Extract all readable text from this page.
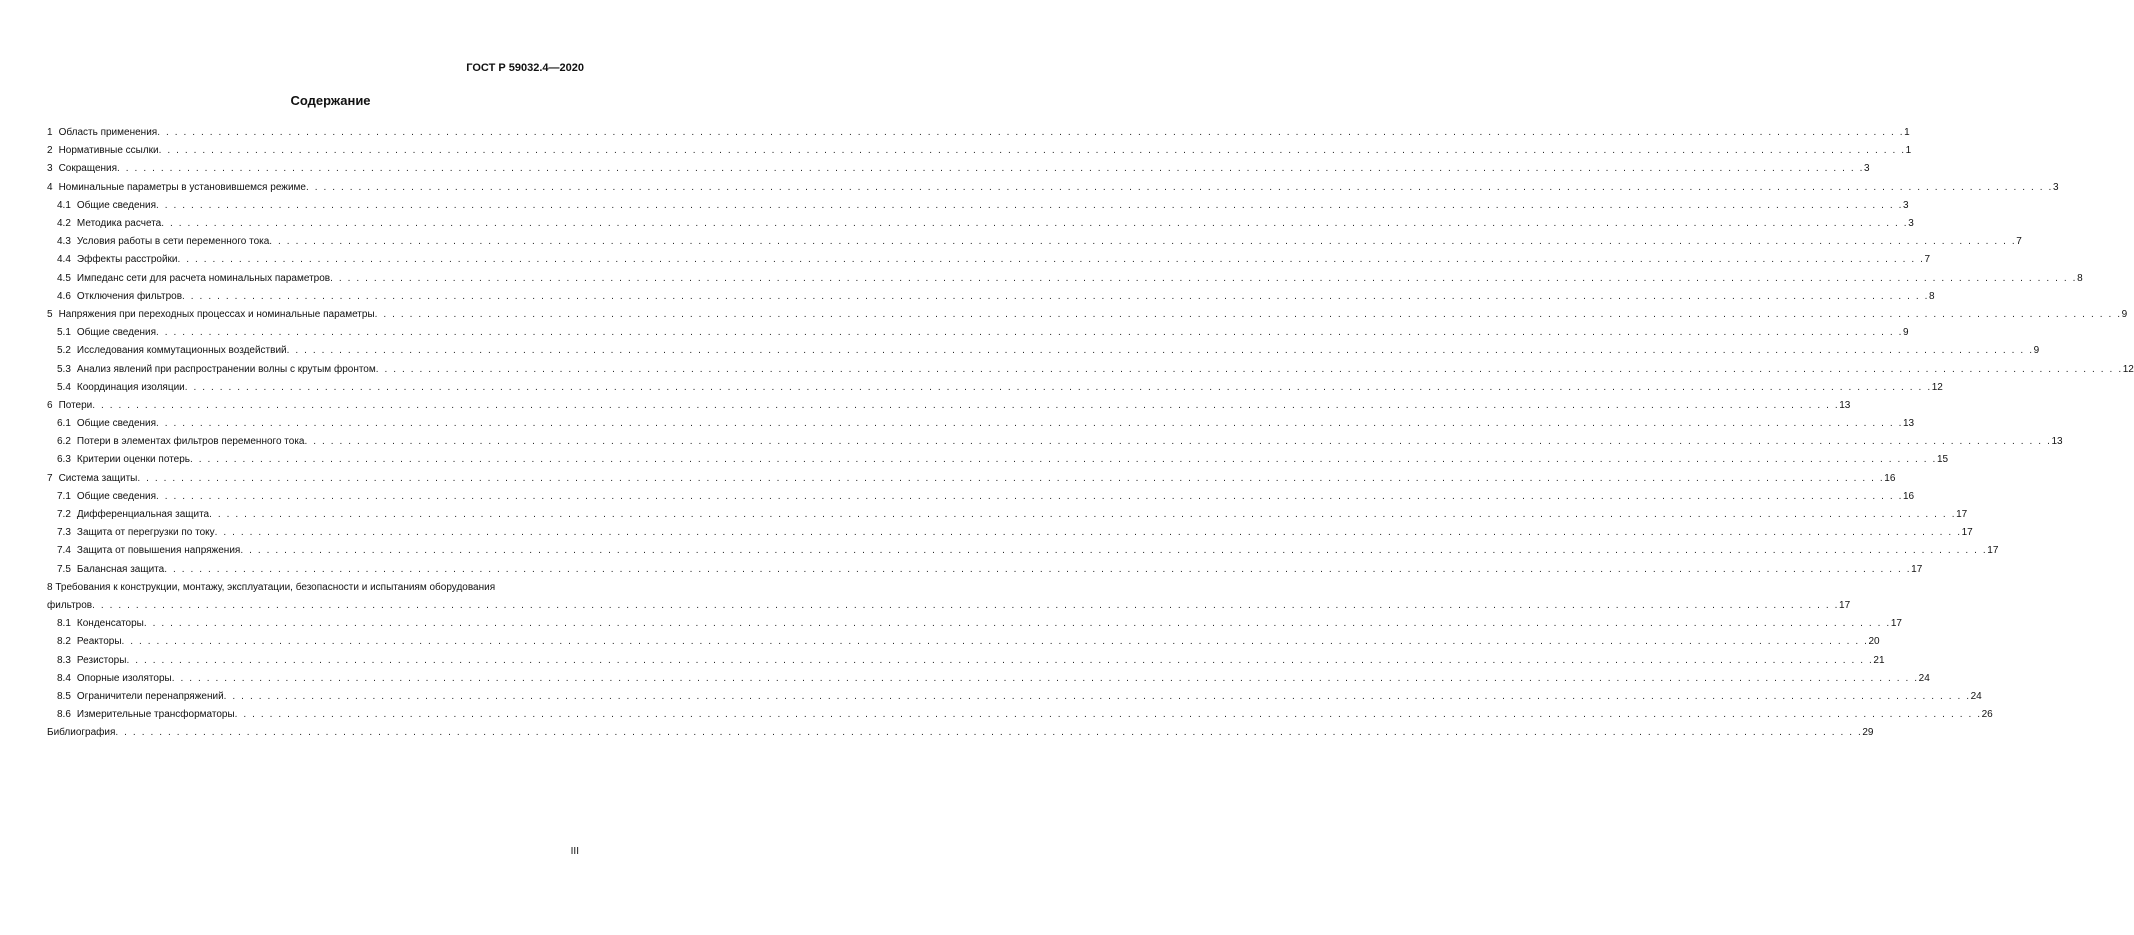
ГОСТ Р 59032.4—2020
Содержание
1 Область применения . . . . . . . . . . . . . . . . . . . . . . . . . . . . . . . . . . . . . . . . . . . . . . . . . . . . . . . . . . . . . . . . . . . . . . . . . . . . . . . . . . . . . . . . . . . . . . . . . . . . . . . . . . . . . . . . . . . . . . . . . . . . . . . . . . . . . . . . . . . . . . . . . . . . . . . . . . . . . . . . . . . . . . . . . . . . . . . . . . . . . . . . . . . . . . . . . . . . . . . . 1
2 Нормативные ссылки . . . . . . . . . . . . . . . . . . . . . . . . . . . . . . . . . . . . . . . . . . . . . . . . . . . . . . . . . . . . . . . . . . . . . . . . . . . . . . . . . . . . . . . . . . . . . . . . . . . . . . . . . . . . . . . . . . . . . . . . . . . . . . . . . . . . . . . . . . . . . . . . . . . . . . . . . . . . . . . . . . . . . . . . . . . . . . . . . . . . . . . . . . . . . . . . . . . . . . . . 1
3 Сокращения . . . . . . . . . . . . . . . . . . . . . . . . . . . . . . . . . . . . . . . . . . . . . . . . . . . . . . . . . . . . . . . . . . . . . . . . . . . . . . . . . . . . . . . . . . . . . . . . . . . . . . . . . . . . . . . . . . . . . . . . . . . . . . . . . . . . . . . . . . . . . . . . . . . . . . . . . . . . . . . . . . . . . . . . . . . . . . . . . . . . . . . . . . . . . . . . . . . . . . . . 3
4 Номинальные параметры в установившемся режиме . . . . . . . . . . . . . . . . . . . . . . . . . . . . . . . . . . . . . . . . . . . . . . . . . . . . . . . . . . . . . . . . . . . . . . . . . . . . . . . . . . . . . . . . . . . . . . . . . . . . . . . . . . . . . . . . . . . . . . . . . . . . . . . . . . . . . . . . . . . . . . . . . . . . . . . . . . . . . . . . . . . . . . . . . . . . . . . . . . . . . . . . . . . . . . . . . . . . . . . . 3
4.1 Общие сведения . . . . . . . . . . . . . . . . . . . . . . . . . . . . . . . . . . . . . . . . . . . . . . . . . . . . . . . . . . . . . . . . . . . . . . . . . . . . . . . . . . . . . . . . . . . . . . . . . . . . . . . . . . . . . . . . . . . . . . . . . . . . . . . . . . . . . . . . . . . . . . . . . . . . . . . . . . . . . . . . . . . . . . . . . . . . . . . . . . . . . . . . . . . . . . . . . . . . . . . . 3
4.2 Методика расчета . . . . . . . . . . . . . . . . . . . . . . . . . . . . . . . . . . . . . . . . . . . . . . . . . . . . . . . . . . . . . . . . . . . . . . . . . . . . . . . . . . . . . . . . . . . . . . . . . . . . . . . . . . . . . . . . . . . . . . . . . . . . . . . . . . . . . . . . . . . . . . . . . . . . . . . . . . . . . . . . . . . . . . . . . . . . . . . . . . . . . . . . . . . . . . . . . . . . . . . . 3
4.3 Условия работы в сети переменного тока . . . . . . . . . . . . . . . . . . . . . . . . . . . . . . . . . . . . . . . . . . . . . . . . . . . . . . . . . . . . . . . . . . . . . . . . . . . . . . . . . . . . . . . . . . . . . . . . . . . . . . . . . . . . . . . . . . . . . . . . . . . . . . . . . . . . . . . . . . . . . . . . . . . . . . . . . . . . . . . . . . . . . . . . . . . . . . . . . . . . . . . . . . . . . . . . . . . . . . . . 7
4.4 Эффекты расстройки . . . . . . . . . . . . . . . . . . . . . . . . . . . . . . . . . . . . . . . . . . . . . . . . . . . . . . . . . . . . . . . . . . . . . . . . . . . . . . . . . . . . . . . . . . . . . . . . . . . . . . . . . . . . . . . . . . . . . . . . . . . . . . . . . . . . . . . . . . . . . . . . . . . . . . . . . . . . . . . . . . . . . . . . . . . . . . . . . . . . . . . . . . . . . . . . . . . . . . . . 7
4.5 Импеданс сети для расчета номинальных параметров . . . . . . . . . . . . . . . . . . . . . . . . . . . . . . . . . . . . . . . . . . . . . . . . . . . . . . . . . . . . . . . . . . . . . . . . . . . . . . . . . . . . . . . . . . . . . . . . . . . . . . . . . . . . . . . . . . . . . . . . . . . . . . . . . . . . . . . . . . . . . . . . . . . . . . . . . . . . . . . . . . . . . . . . . . . . . . . . . . . . . . . . . . . . . . . . . . . . . . . . 8
4.6 Отключения фильтров . . . . . . . . . . . . . . . . . . . . . . . . . . . . . . . . . . . . . . . . . . . . . . . . . . . . . . . . . . . . . . . . . . . . . . . . . . . . . . . . . . . . . . . . . . . . . . . . . . . . . . . . . . . . . . . . . . . . . . . . . . . . . . . . . . . . . . . . . . . . . . . . . . . . . . . . . . . . . . . . . . . . . . . . . . . . . . . . . . . . . . . . . . . . . . . . . . . . . . . . 8
5 Напряжения при переходных процессах и номинальные параметры . . . . . . . . . . . . . . . . . . . . . . . . . . . . . . . . . . . . . . . . . . . . . . . . . . . . . . . . . . . . . . . . . . . . . . . . . . . . . . . . . . . . . . . . . . . . . . . . . . . . . . . . . . . . . . . . . . . . . . . . . . . . . . . . . . . . . . . . . . . . . . . . . . . . . . . . . . . . . . . . . . . . . . . . . . . . . . . . . . . . . . . . . . . . . . . . . . . . . . . . 9
5.1 Общие сведения . . . . . . . . . . . . . . . . . . . . . . . . . . . . . . . . . . . . . . . . . . . . . . . . . . . . . . . . . . . . . . . . . . . . . . . . . . . . . . . . . . . . . . . . . . . . . . . . . . . . . . . . . . . . . . . . . . . . . . . . . . . . . . . . . . . . . . . . . . . . . . . . . . . . . . . . . . . . . . . . . . . . . . . . . . . . . . . . . . . . . . . . . . . . . . . . . . . . . . . . 9
5.2 Исследования коммутационных воздействий . . . . . . . . . . . . . . . . . . . . . . . . . . . . . . . . . . . . . . . . . . . . . . . . . . . . . . . . . . . . . . . . . . . . . . . . . . . . . . . . . . . . . . . . . . . . . . . . . . . . . . . . . . . . . . . . . . . . . . . . . . . . . . . . . . . . . . . . . . . . . . . . . . . . . . . . . . . . . . . . . . . . . . . . . . . . . . . . . . . . . . . . . . . . . . . . . . . . . . . . 9
5.3 Анализ явлений при распространении волны с крутым фронтом . . . . . . . . . . . . . . . . . . . . . . . . . . . . . . . . . . . . . . . . . . . . . . . . . . . . . . . . . . . . . . . . . . . . . . . . . . . . . . . . . . . . . . . . . . . . . . . . . . . . . . . . . . . . . . . . . . . . . . . . . . . . . . . . . . . . . . . . . . . . . . . . . . . . . . . . . . . . . . . . . . . . . . . . . . . . . . . . . . . . . . . . . . . . . . . . . . . . . . . . 12
5.4 Координация изоляции . . . . . . . . . . . . . . . . . . . . . . . . . . . . . . . . . . . . . . . . . . . . . . . . . . . . . . . . . . . . . . . . . . . . . . . . . . . . . . . . . . . . . . . . . . . . . . . . . . . . . . . . . . . . . . . . . . . . . . . . . . . . . . . . . . . . . . . . . . . . . . . . . . . . . . . . . . . . . . . . . . . . . . . . . . . . . . . . . . . . . . . . . . . . . . . . . . . . . . . . 12
6 Потери . . . . . . . . . . . . . . . . . . . . . . . . . . . . . . . . . . . . . . . . . . . . . . . . . . . . . . . . . . . . . . . . . . . . . . . . . . . . . . . . . . . . . . . . . . . . . . . . . . . . . . . . . . . . . . . . . . . . . . . . . . . . . . . . . . . . . . . . . . . . . . . . . . . . . . . . . . . . . . . . . . . . . . . . . . . . . . . . . . . . . . . . . . . . . . . . . . . . . . . . 13
6.1 Общие сведения . . . . . . . . . . . . . . . . . . . . . . . . . . . . . . . . . . . . . . . . . . . . . . . . . . . . . . . . . . . . . . . . . . . . . . . . . . . . . . . . . . . . . . . . . . . . . . . . . . . . . . . . . . . . . . . . . . . . . . . . . . . . . . . . . . . . . . . . . . . . . . . . . . . . . . . . . . . . . . . . . . . . . . . . . . . . . . . . . . . . . . . . . . . . . . . . . . . . . . . . 13
6.2 Потери в элементах фильтров переменного тока . . . . . . . . . . . . . . . . . . . . . . . . . . . . . . . . . . . . . . . . . . . . . . . . . . . . . . . . . . . . . . . . . . . . . . . . . . . . . . . . . . . . . . . . . . . . . . . . . . . . . . . . . . . . . . . . . . . . . . . . . . . . . . . . . . . . . . . . . . . . . . . . . . . . . . . . . . . . . . . . . . . . . . . . . . . . . . . . . . . . . . . . . . . . . . . . . . . . . . . . 13
6.3 Критерии оценки потерь . . . . . . . . . . . . . . . . . . . . . . . . . . . . . . . . . . . . . . . . . . . . . . . . . . . . . . . . . . . . . . . . . . . . . . . . . . . . . . . . . . . . . . . . . . . . . . . . . . . . . . . . . . . . . . . . . . . . . . . . . . . . . . . . . . . . . . . . . . . . . . . . . . . . . . . . . . . . . . . . . . . . . . . . . . . . . . . . . . . . . . . . . . . . . . . . . . . . . . . . 15
7 Система защиты . . . . . . . . . . . . . . . . . . . . . . . . . . . . . . . . . . . . . . . . . . . . . . . . . . . . . . . . . . . . . . . . . . . . . . . . . . . . . . . . . . . . . . . . . . . . . . . . . . . . . . . . . . . . . . . . . . . . . . . . . . . . . . . . . . . . . . . . . . . . . . . . . . . . . . . . . . . . . . . . . . . . . . . . . . . . . . . . . . . . . . . . . . . . . . . . . . . . . . . . 16
7.1 Общие сведения . . . . . . . . . . . . . . . . . . . . . . . . . . . . . . . . . . . . . . . . . . . . . . . . . . . . . . . . . . . . . . . . . . . . . . . . . . . . . . . . . . . . . . . . . . . . . . . . . . . . . . . . . . . . . . . . . . . . . . . . . . . . . . . . . . . . . . . . . . . . . . . . . . . . . . . . . . . . . . . . . . . . . . . . . . . . . . . . . . . . . . . . . . . . . . . . . . . . . . . . 16
7.2 Дифференциальная защита . . . . . . . . . . . . . . . . . . . . . . . . . . . . . . . . . . . . . . . . . . . . . . . . . . . . . . . . . . . . . . . . . . . . . . . . . . . . . . . . . . . . . . . . . . . . . . . . . . . . . . . . . . . . . . . . . . . . . . . . . . . . . . . . . . . . . . . . . . . . . . . . . . . . . . . . . . . . . . . . . . . . . . . . . . . . . . . . . . . . . . . . . . . . . . . . . . . . . . . . 17
7.3 Защита от перегрузки по току . . . . . . . . . . . . . . . . . . . . . . . . . . . . . . . . . . . . . . . . . . . . . . . . . . . . . . . . . . . . . . . . . . . . . . . . . . . . . . . . . . . . . . . . . . . . . . . . . . . . . . . . . . . . . . . . . . . . . . . . . . . . . . . . . . . . . . . . . . . . . . . . . . . . . . . . . . . . . . . . . . . . . . . . . . . . . . . . . . . . . . . . . . . . . . . . . . . . . . . . 17
7.4 Защита от повышения напряжения . . . . . . . . . . . . . . . . . . . . . . . . . . . . . . . . . . . . . . . . . . . . . . . . . . . . . . . . . . . . . . . . . . . . . . . . . . . . . . . . . . . . . . . . . . . . . . . . . . . . . . . . . . . . . . . . . . . . . . . . . . . . . . . . . . . . . . . . . . . . . . . . . . . . . . . . . . . . . . . . . . . . . . . . . . . . . . . . . . . . . . . . . . . . . . . . . . . . . . . . 17
7.5 Балансная защита . . . . . . . . . . . . . . . . . . . . . . . . . . . . . . . . . . . . . . . . . . . . . . . . . . . . . . . . . . . . . . . . . . . . . . . . . . . . . . . . . . . . . . . . . . . . . . . . . . . . . . . . . . . . . . . . . . . . . . . . . . . . . . . . . . . . . . . . . . . . . . . . . . . . . . . . . . . . . . . . . . . . . . . . . . . . . . . . . . . . . . . . . . . . . . . . . . . . . . . . 17
8 Требования к конструкции, монтажу, эксплуатации, безопасности и испытаниям оборудования
фильтров . . . . . . . . . . . . . . . . . . . . . . . . . . . . . . . . . . . . . . . . . . . . . . . . . . . . . . . . . . . . . . . . . . . . . . . . . . . . . . . . . . . . . . . . . . . . . . . . . . . . . . . . . . . . . . . . . . . . . . . . . . . . . . . . . . . . . . . . . . . . . . . . . . . . . . . . . . . . . . . . . . . . . . . . . . . . . . . . . . . . . . . . . . . . . . . . . . . . . . . . 17
8.1 Конденсаторы . . . . . . . . . . . . . . . . . . . . . . . . . . . . . . . . . . . . . . . . . . . . . . . . . . . . . . . . . . . . . . . . . . . . . . . . . . . . . . . . . . . . . . . . . . . . . . . . . . . . . . . . . . . . . . . . . . . . . . . . . . . . . . . . . . . . . . . . . . . . . . . . . . . . . . . . . . . . . . . . . . . . . . . . . . . . . . . . . . . . . . . . . . . . . . . . . . . . . . . . 17
8.2 Реакторы . . . . . . . . . . . . . . . . . . . . . . . . . . . . . . . . . . . . . . . . . . . . . . . . . . . . . . . . . . . . . . . . . . . . . . . . . . . . . . . . . . . . . . . . . . . . . . . . . . . . . . . . . . . . . . . . . . . . . . . . . . . . . . . . . . . . . . . . . . . . . . . . . . . . . . . . . . . . . . . . . . . . . . . . . . . . . . . . . . . . . . . . . . . . . . . . . . . . . . . . 20
8.3 Резисторы . . . . . . . . . . . . . . . . . . . . . . . . . . . . . . . . . . . . . . . . . . . . . . . . . . . . . . . . . . . . . . . . . . . . . . . . . . . . . . . . . . . . . . . . . . . . . . . . . . . . . . . . . . . . . . . . . . . . . . . . . . . . . . . . . . . . . . . . . . . . . . . . . . . . . . . . . . . . . . . . . . . . . . . . . . . . . . . . . . . . . . . . . . . . . . . . . . . . . . . . 21
8.4 Опорные изоляторы . . . . . . . . . . . . . . . . . . . . . . . . . . . . . . . . . . . . . . . . . . . . . . . . . . . . . . . . . . . . . . . . . . . . . . . . . . . . . . . . . . . . . . . . . . . . . . . . . . . . . . . . . . . . . . . . . . . . . . . . . . . . . . . . . . . . . . . . . . . . . . . . . . . . . . . . . . . . . . . . . . . . . . . . . . . . . . . . . . . . . . . . . . . . . . . . . . . . . . . . 24
8.5 Ограничители перенапряжений . . . . . . . . . . . . . . . . . . . . . . . . . . . . . . . . . . . . . . . . . . . . . . . . . . . . . . . . . . . . . . . . . . . . . . . . . . . . . . . . . . . . . . . . . . . . . . . . . . . . . . . . . . . . . . . . . . . . . . . . . . . . . . . . . . . . . . . . . . . . . . . . . . . . . . . . . . . . . . . . . . . . . . . . . . . . . . . . . . . . . . . . . . . . . . . . . . . . . . . . 24
8.6 Измерительные трансформаторы . . . . . . . . . . . . . . . . . . . . . . . . . . . . . . . . . . . . . . . . . . . . . . . . . . . . . . . . . . . . . . . . . . . . . . . . . . . . . . . . . . . . . . . . . . . . . . . . . . . . . . . . . . . . . . . . . . . . . . . . . . . . . . . . . . . . . . . . . . . . . . . . . . . . . . . . . . . . . . . . . . . . . . . . . . . . . . . . . . . . . . . . . . . . . . . . . . . . . . . . 26
Библиография . . . . . . . . . . . . . . . . . . . . . . . . . . . . . . . . . . . . . . . . . . . . . . . . . . . . . . . . . . . . . . . . . . . . . . . . . . . . . . . . . . . . . . . . . . . . . . . . . . . . . . . . . . . . . . . . . . . . . . . . . . . . . . . . . . . . . . . . . . . . . . . . . . . . . . . . . . . . . . . . . . . . . . . . . . . . . . . . . . . . . . . . . . . . . . . . . . . . . . . . 29
III
